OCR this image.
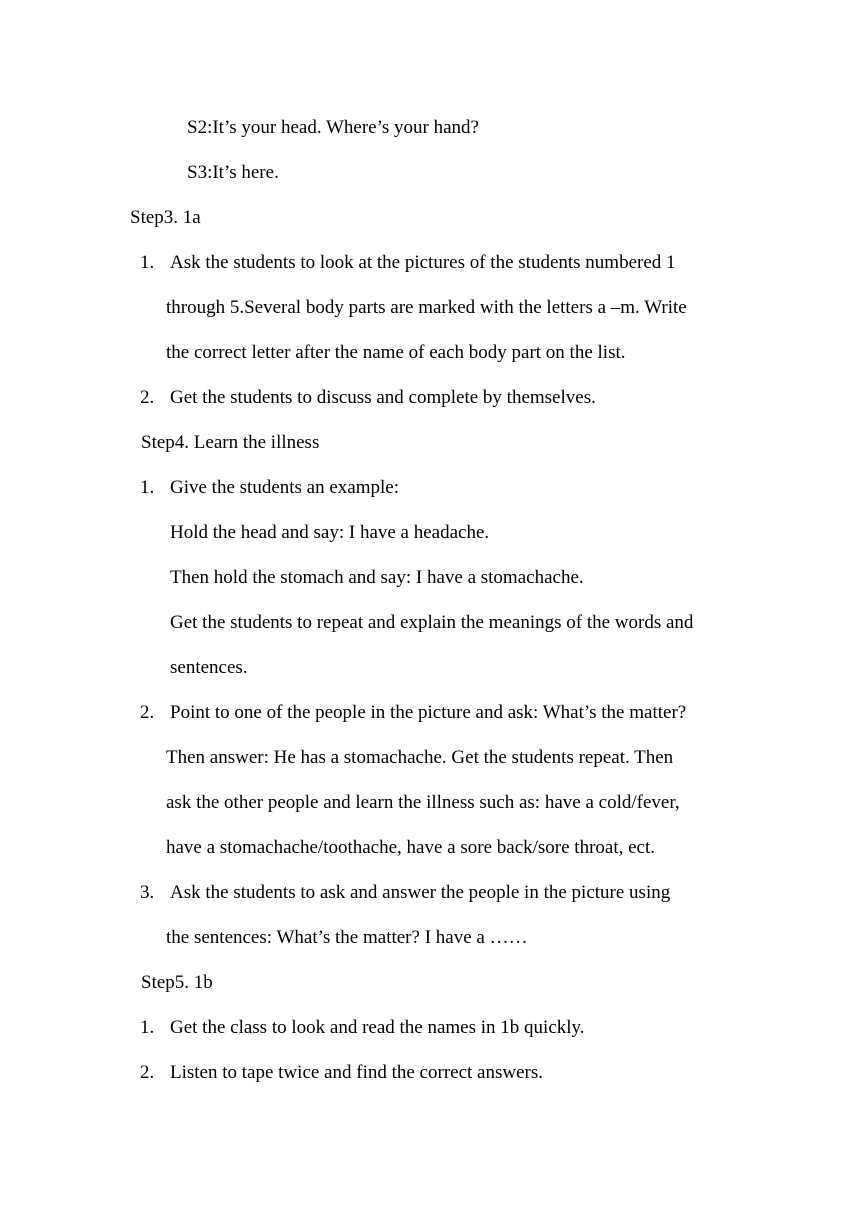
S2:It’s your head. Where’s your hand?
S3:It’s here.
Step3. 1a
1. Ask the students to look at the pictures of the students numbered 1
through 5.Several body parts are marked with the letters a –m. Write
the correct letter after the name of each body part on the list.
2. Get the students to discuss and complete by themselves.
Step4. Learn the illness
1. Give the students an example:
Hold the head and say: I have a headache.
Then hold the stomach and say: I have a stomachache.
Get the students to repeat and explain the meanings of the words and
sentences.
2. Point to one of the people in the picture and ask: What’s the matter?
Then answer: He has a stomachache. Get the students repeat. Then
ask the other people and learn the illness such as: have a cold/fever,
have a stomachache/toothache, have a sore back/sore throat, ect.
3. Ask the students to ask and answer the people in the picture using
the sentences: What’s the matter? I have a ……
Step5. 1b
1. Get the class to look and read the names in 1b quickly.
2. Listen to tape twice and find the correct answers.
